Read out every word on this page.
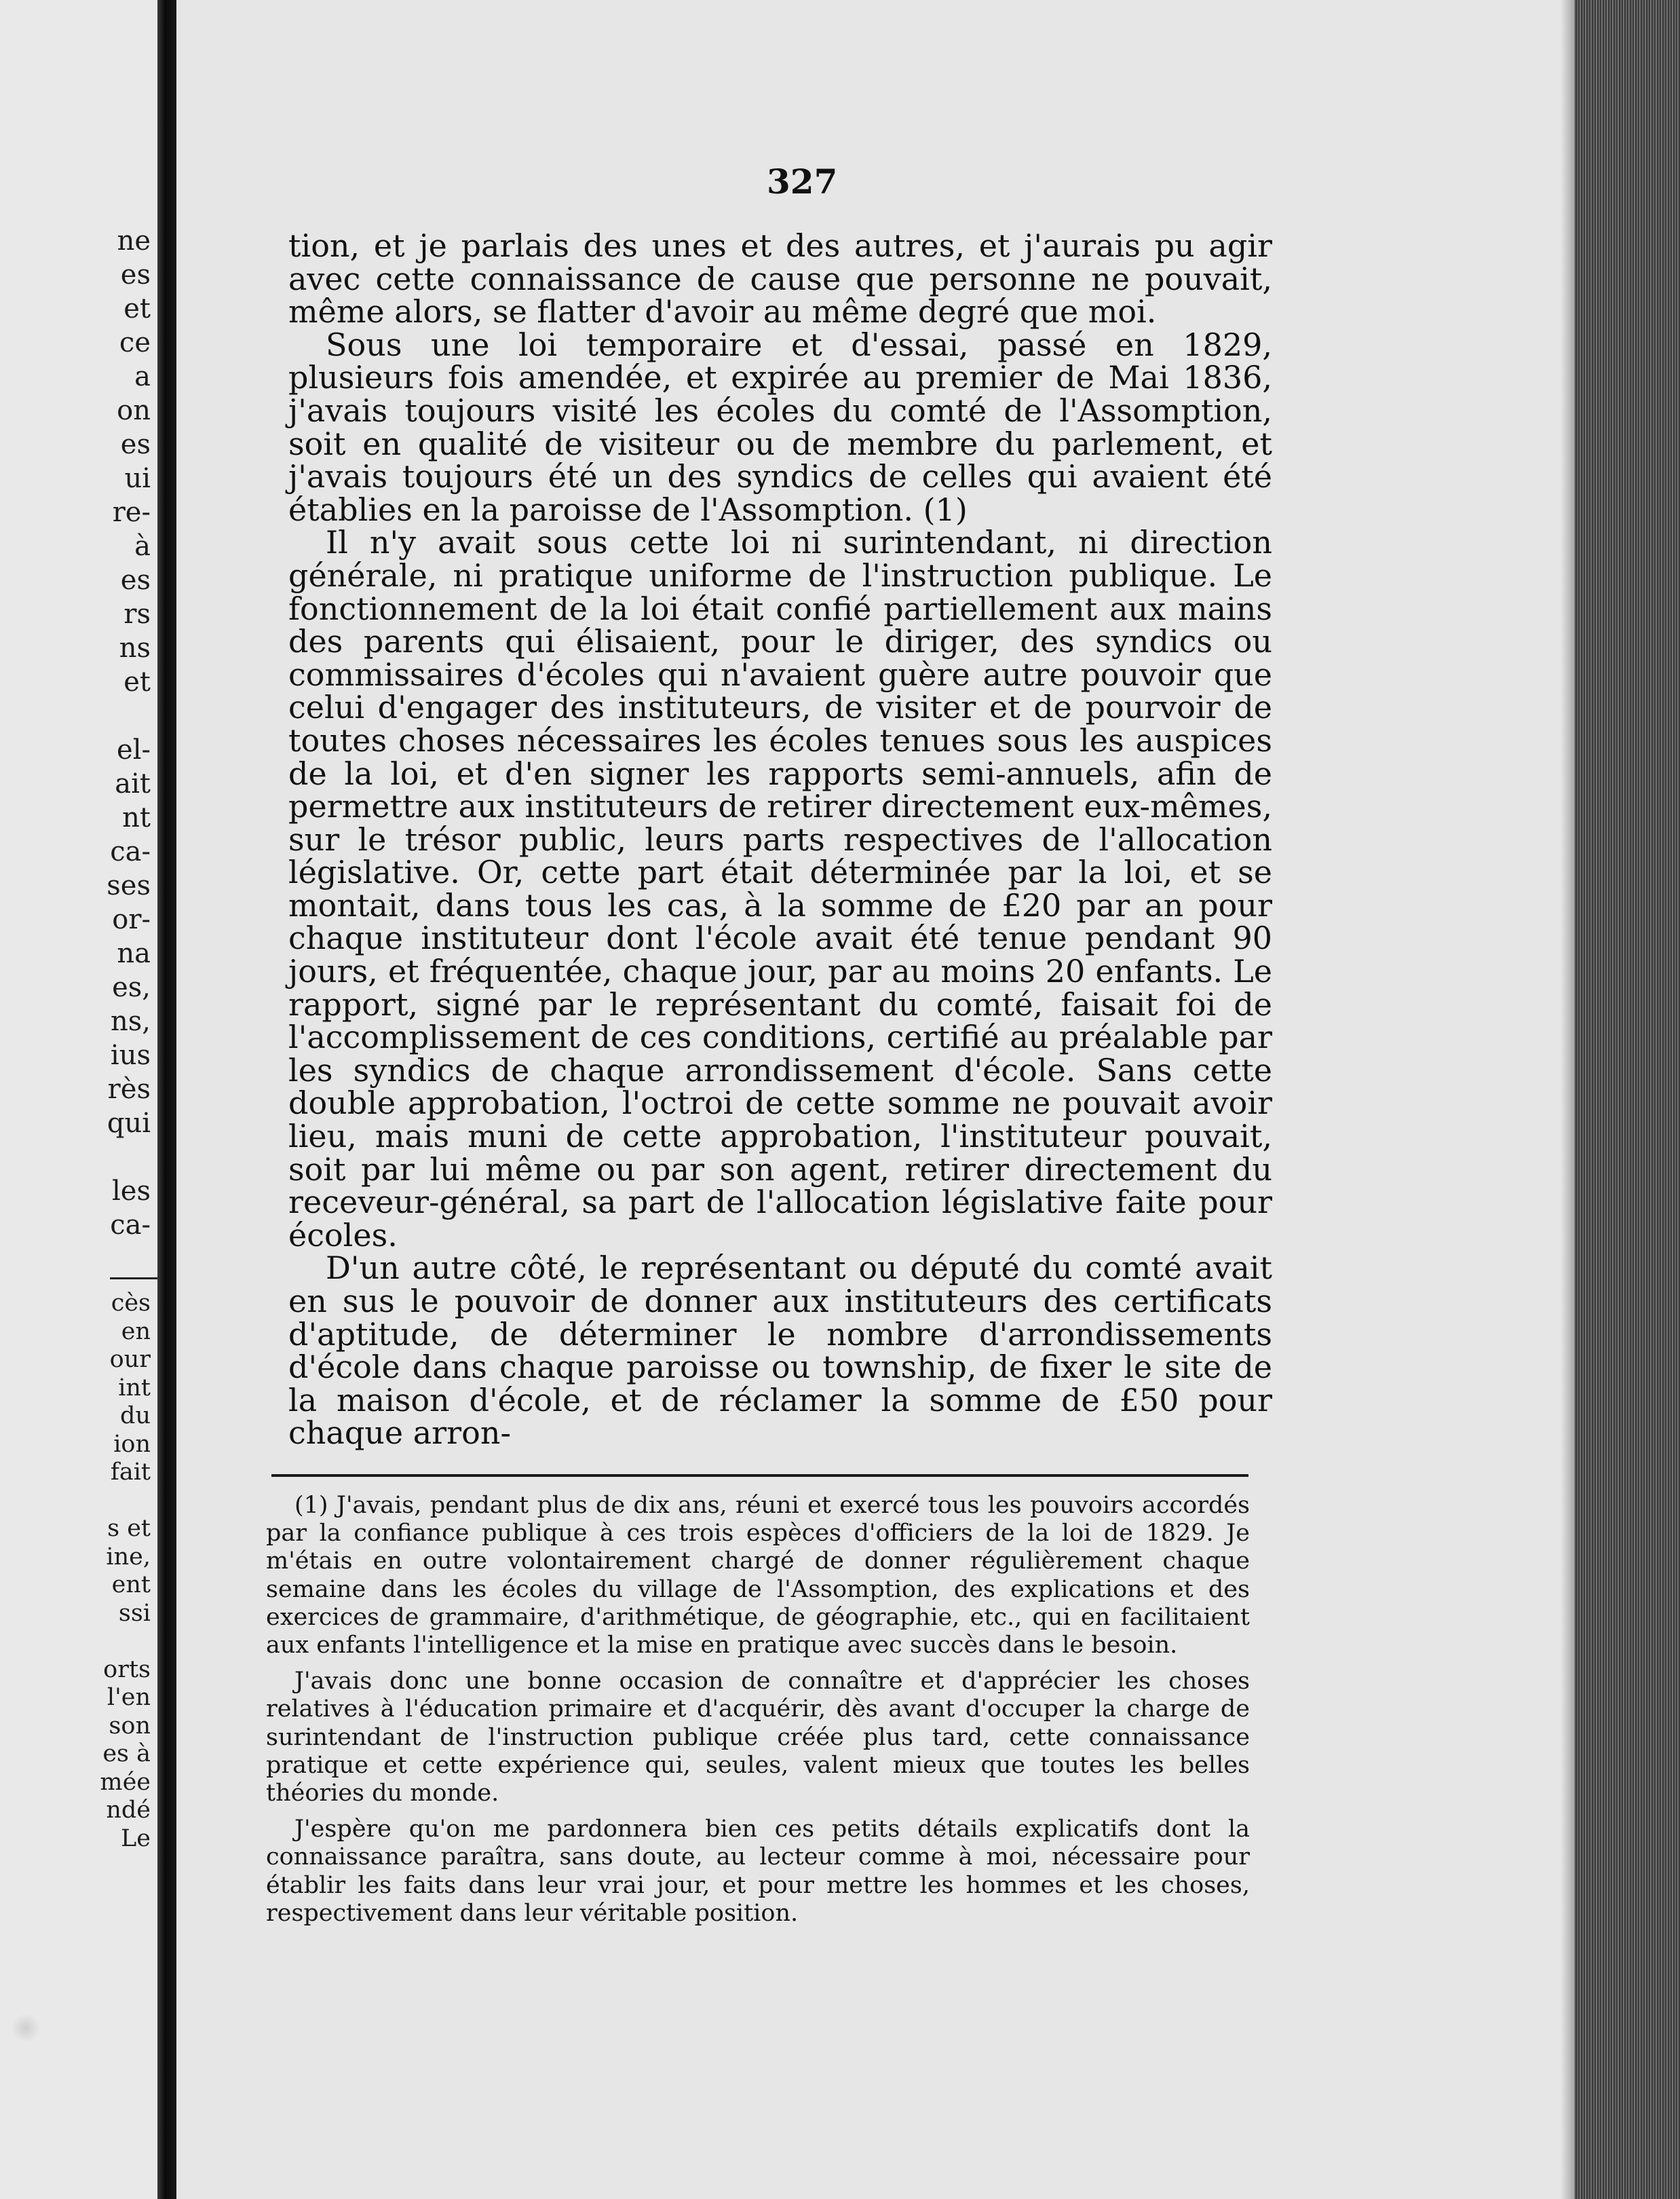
ne
es
et
ce
a
on
es
ui
re-
à
es
rs
ns
et
el-
ait
nt
ca-
ses
or-
na
es,
ns,
ius
rès
qui
les
ca-
cès
en
our
int
du
ion
fait
s et
ine,
ent
ssi
orts
l'en
son
es à
mée
ndé
Le
327

tion, et je parlais des unes et des autres, et j'aurais pu agir avec cette connaissance de cause que personne ne pouvait, même alors, se flatter d'avoir au même degré que moi.

Sous une loi temporaire et d'essai, passé en 1829, plusieurs fois amendée, et expirée au premier de Mai 1836, j'avais toujours visité les écoles du comté de l'Assomption, soit en qualité de visiteur ou de membre du parlement, et j'avais toujours été un des syndics de celles qui avaient été établies en la paroisse de l'Assomption. (1)

Il n'y avait sous cette loi ni surintendant, ni direction générale, ni pratique uniforme de l'instruction publique. Le fonctionnement de la loi était confié partiellement aux mains des parents qui élisaient, pour le diriger, des syndics ou commissaires d'écoles qui n'avaient guère autre pouvoir que celui d'engager des instituteurs, de visiter et de pourvoir de toutes choses nécessaires les écoles tenues sous les auspices de la loi, et d'en signer les rapports semi-annuels, afin de permettre aux instituteurs de retirer directement eux-mêmes, sur le trésor public, leurs parts respectives de l'allocation législative. Or, cette part était déterminée par la loi, et se montait, dans tous les cas, à la somme de £20 par an pour chaque instituteur dont l'école avait été tenue pendant 90 jours, et fréquentée, chaque jour, par au moins 20 enfants. Le rapport, signé par le représentant du comté, faisait foi de l'accomplissement de ces conditions, certifié au préalable par les syndics de chaque arrondissement d'école. Sans cette double approbation, l'octroi de cette somme ne pouvait avoir lieu, mais muni de cette approbation, l'instituteur pouvait, soit par lui même ou par son agent, retirer directement du receveur-général, sa part de l'allocation législative faite pour écoles.

D'un autre côté, le représentant ou député du comté avait en sus le pouvoir de donner aux instituteurs des certificats d'aptitude, de déterminer le nombre d'arrondissements d'école dans chaque paroisse ou township, de fixer le site de la maison d'école, et de réclamer la somme de £50 pour chaque arron-

(1) J'avais, pendant plus de dix ans, réuni et exercé tous les pouvoirs accordés par la confiance publique à ces trois espèces d'officiers de la loi de 1829. Je m'étais en outre volontairement chargé de donner régulièrement chaque semaine dans les écoles du village de l'Assomption, des explications et des exercices de grammaire, d'arithmétique, de géographie, etc., qui en facilitaient aux enfants l'intelligence et la mise en pratique avec succès dans le besoin.

J'avais donc une bonne occasion de connaître et d'apprécier les choses relatives à l'éducation primaire et d'acquérir, dès avant d'occuper la charge de surintendant de l'instruction publique créée plus tard, cette connaissance pratique et cette expérience qui, seules, valent mieux que toutes les belles théories du monde.

J'espère qu'on me pardonnera bien ces petits détails explicatifs dont la connaissance paraîtra, sans doute, au lecteur comme à moi, nécessaire pour établir les faits dans leur vrai jour, et pour mettre les hommes et les choses, respectivement dans leur véritable position.
